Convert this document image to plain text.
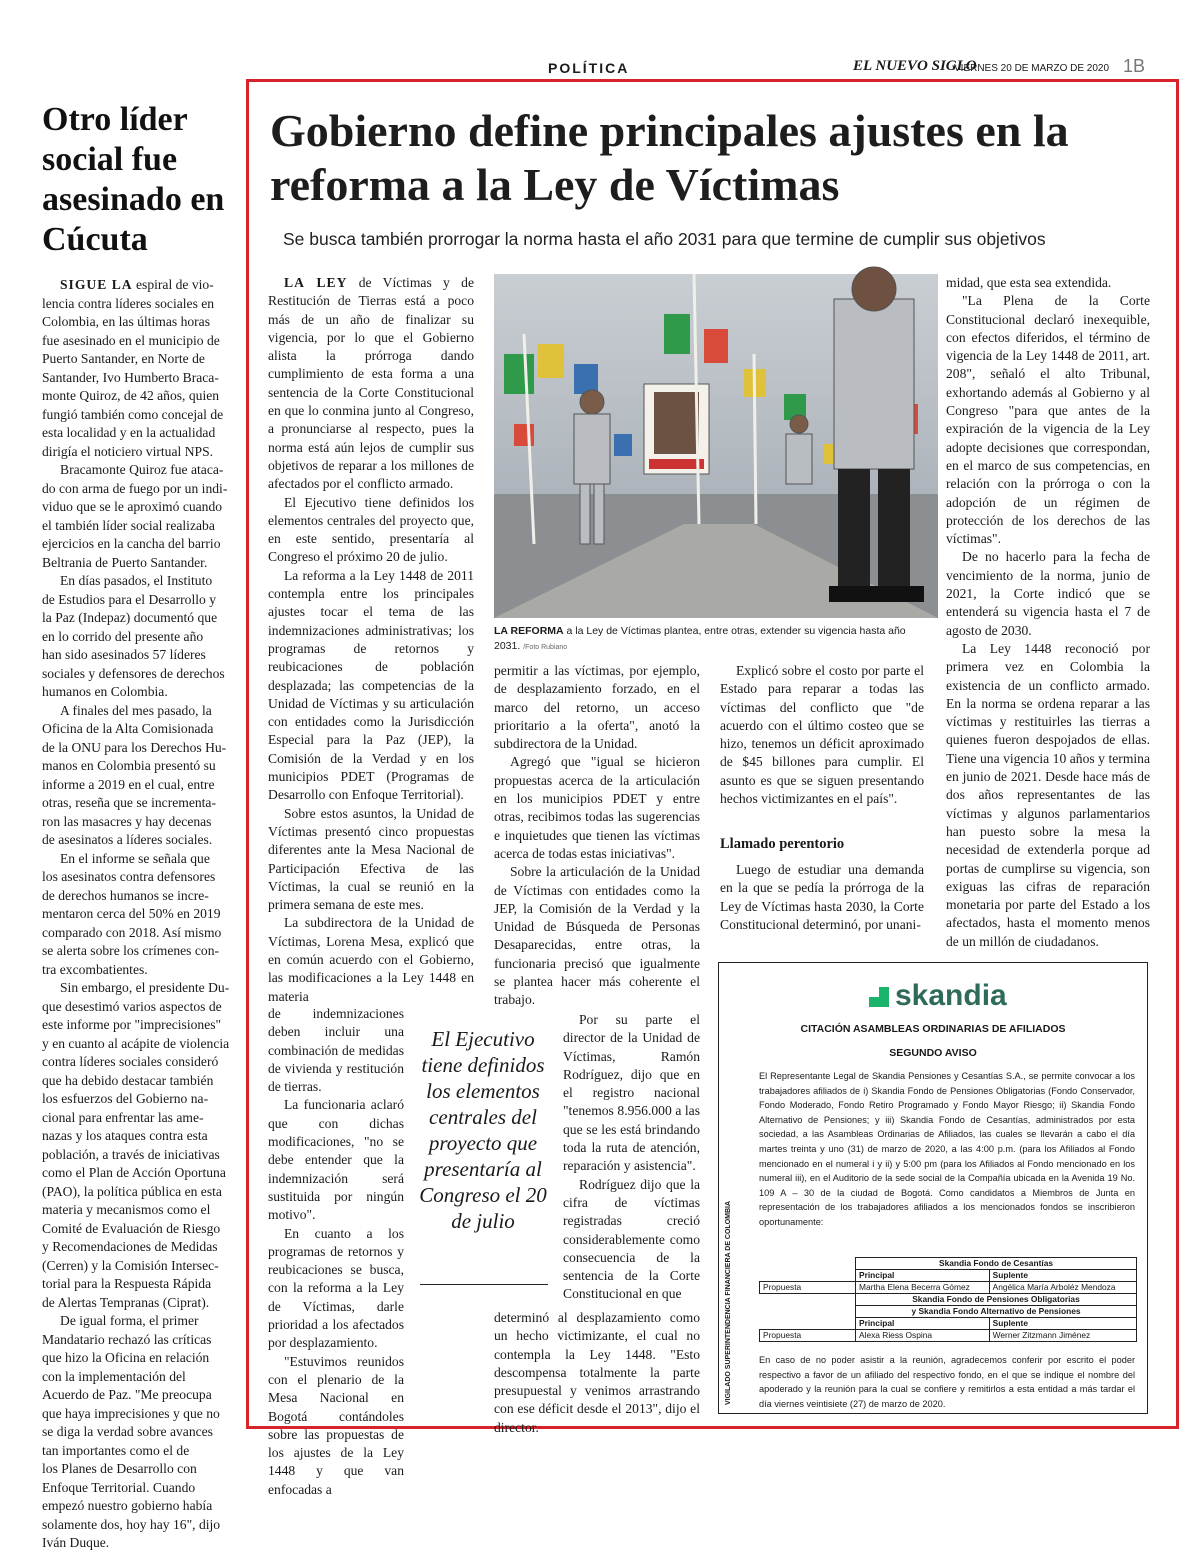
POLÍTICA	EL NUEVO SIGLO
VIERNES 20 DE MARZO DE 2020 1B
Otro líder social fue asesinado en Cúcuta
SIGUE LA espiral de vio-
lencia contra líderes sociales en
Colombia, en las últimas horas
fue asesinado en el municipio de
Puerto Santander, en Norte de
Santander, Ivo Humberto Braca-
monte Quiroz, de 42 años, quien
fungió también como concejal de
esta localidad y en la actualidad
dirigía el noticiero virtual NPS.
Bracamonte Quiroz fue ataca-
do con arma de fuego por un indi-
viduo que se le aproximó cuando
el también líder social realizaba
ejercicios en la cancha del barrio
Beltrania de Puerto Santander.
En días pasados, el Instituto
de Estudios para el Desarrollo y
la Paz (Indepaz) documentó que
en lo corrido del presente año
han sido asesinados 57 líderes
sociales y defensores de derechos
humanos en Colombia.
A finales del mes pasado, la
Oficina de la Alta Comisionada
de la ONU para los Derechos Hu-
manos en Colombia presentó su
informe a 2019 en el cual, entre
otras, reseña que se incrementa-
ron las masacres y hay decenas
de asesinatos a líderes sociales.
En el informe se señala que
los asesinatos contra defensores
de derechos humanos se incre-
mentaron cerca del 50% en 2019
comparado con 2018. Así mismo
se alerta sobre los crímenes con-
tra excombatientes.
Sin embargo, el presidente Du-
que desestimó varios aspectos de
este informe por "imprecisiones"
y en cuanto al acápite de violencia
contra líderes sociales consideró
que ha debido destacar también
los esfuerzos del Gobierno na-
cional para enfrentar las ame-
nazas y los ataques contra esta
población, a través de iniciativas
como el Plan de Acción Oportuna
(PAO), la política pública en esta
materia y mecanismos como el
Comité de Evaluación de Riesgo
y Recomendaciones de Medidas
(Cerren) y la Comisión Intersec-
torial para la Respuesta Rápida
de Alertas Tempranas (Ciprat).
De igual forma, el primer
Mandatario rechazó las críticas
que hizo la Oficina en relación
con la implementación del
Acuerdo de Paz. "Me preocupa
que haya imprecisiones y que no
se diga la verdad sobre avances
tan importantes como el de
los Planes de Desarrollo con
Enfoque Territorial. Cuando
empezó nuestro gobierno había
solamente dos, hoy hay 16", dijo
Iván Duque.
Gobierno define principales ajustes en la reforma a la Ley de Víctimas
Se busca también prorrogar la norma hasta el año 2031 para que termine de cumplir sus objetivos

LA LEY de Víctimas y de Restitución de Tierras está a poco más de un año de finalizar su vigencia, por lo que el Gobierno alista la prórroga dando cumplimiento de esta forma a una sentencia de la Corte Constitucional en que lo conmina junto al Congreso, a pronunciarse al respecto, pues la norma está aún lejos de cumplir sus objetivos de reparar a los millones de afectados por el conflicto armado.

El Ejecutivo tiene definidos los elementos centrales del proyecto que, en este sentido, presentaría al Congreso el próximo 20 de julio.

La reforma a la Ley 1448 de 2011 contempla entre los principales ajustes tocar el tema de las indemnizaciones administrativas; los programas de retornos y reubicaciones de población desplazada; las competencias de la Unidad de Víctimas y su articulación con entidades como la Jurisdicción Especial para la Paz (JEP), la Comisión de la Verdad y en los municipios PDET (Programas de Desarrollo con Enfoque Territorial).

Sobre estos asuntos, la Unidad de Víctimas presentó cinco propuestas diferentes ante la Mesa Nacional de Participación Efectiva de las Víctimas, la cual se reunió en la primera semana de este mes.

La subdirectora de la Unidad de Víctimas, Lorena Mesa, explicó que en común acuerdo con el Gobierno, las modificaciones a la Ley 1448 en materia

de indemnizaciones deben incluir una combinación de medidas de vivienda y restitución de tierras.

La funcionaria aclaró que con dichas modificaciones, "no se debe entender que la indemnización será sustituida por ningún motivo".

En cuanto a los programas de retornos y reubicaciones se busca, con la reforma a la Ley de Víctimas, darle prioridad a los afectados por desplazamiento.

"Estuvimos reunidos con el plenario de la Mesa Nacional en Bogotá contándoles sobre las propuestas de los ajustes de la Ley 1448 y que van enfocadas a

LA REFORMA a la Ley de Víctimas plantea, entre otras, extender su vigencia hasta año 2031. /Foto Rubiano

permitir a las víctimas, por ejemplo, de desplazamiento forzado, en el marco del retorno, un acceso prioritario a la oferta", anotó la subdirectora de la Unidad.

Agregó que "igual se hicieron propuestas acerca de la articulación en los municipios PDET y entre otras, recibimos todas las sugerencias e inquietudes que tienen las víctimas acerca de todas estas iniciativas".

Sobre la articulación de la Unidad de Víctimas con entidades como la JEP, la Comisión de la Verdad y la Unidad de Búsqueda de Personas Desaparecidas, entre otras, la funcionaria precisó que igualmente se plantea hacer más coherente el trabajo.

Por su parte el director de la Unidad de Víctimas, Ramón Rodríguez, dijo que en el registro nacional "tenemos 8.956.000 a las que se les está brindando toda la ruta de atención, reparación y asistencia".

Rodríguez dijo que la cifra de víctimas registradas creció considerablemente como consecuencia de la sentencia de la Corte Constitucional en que

determinó al desplazamiento como un hecho victimizante, el cual no contempla la Ley 1448. "Esto descompensa totalmente la parte presupuestal y venimos arrastrando con ese déficit desde el 2013", dijo el director.

El Ejecutivo tiene definidos los elementos centrales del proyecto que presentaría al Congreso el 20 de julio

Explicó sobre el costo por parte el Estado para reparar a todas las víctimas del conflicto que "de acuerdo con el último costeo que se hizo, tenemos un déficit aproximado de $45 billones para cumplir. El asunto es que se siguen presentando hechos victimizantes en el país".

Llamado perentorio

Luego de estudiar una demanda en la que se pedía la prórroga de la Ley de Víctimas hasta 2030, la Corte Constitucional determinó, por unani-

midad, que esta sea extendida.

"La Plena de la Corte Constitucional declaró inexequible, con efectos diferidos, el término de vigencia de la Ley 1448 de 2011, art. 208", señaló el alto Tribunal, exhortando además al Gobierno y al Congreso "para que antes de la expiración de la vigencia de la Ley adopte decisiones que correspondan, en el marco de sus competencias, en relación con la prórroga o con la adopción de un régimen de protección de los derechos de las víctimas".

De no hacerlo para la fecha de vencimiento de la norma, junio de 2021, la Corte indicó que se entenderá su vigencia hasta el 7 de agosto de 2030.

La Ley 1448 reconoció por primera vez en Colombia la existencia de un conflicto armado. En la norma se ordena reparar a las víctimas y restituirles las tierras a quienes fueron despojados de ellas. Tiene una vigencia 10 años y termina en junio de 2021. Desde hace más de dos años representantes de las víctimas y algunos parlamentarios han puesto sobre la mesa la necesidad de extenderla porque ad portas de cumplirse su vigencia, son exiguas las cifras de reparación monetaria por parte del Estado a los afectados, hasta el momento menos de un millón de ciudadanos.

skandia
CITACIÓN ASAMBLEAS ORDINARIAS DE AFILIADOS
SEGUNDO AVISO
El Representante Legal de Skandia Pensiones y Cesantías S.A., se permite convocar a los trabajadores afiliados de i) Skandia Fondo de Pensiones Obligatorias (Fondo Conservador, Fondo Moderado, Fondo Retiro Programado y Fondo Mayor Riesgo; ii) Skandia Fondo Alternativo de Pensiones; y iii) Skandia Fondo de Cesantías, administrados por esta sociedad, a las Asambleas Ordinarias de Afiliados, las cuales se llevarán a cabo el día martes treinta y uno (31) de marzo de 2020, a las 4:00 p.m. (para los Afiliados al Fondo mencionado en el numeral i y ii) y 5:00 pm (para los Afiliados al Fondo mencionado en los numeral iii), en el Auditorio de la sede social de la Compañía ubicada en la Avenida 19 No. 109 A – 30 de la ciudad de Bogotá. Como candidatos a Miembros de Junta en representación de los trabajadores afiliados a los mencionados fondos se inscribieron oportunamente:
VIGILADO SUPERINTENDENCIA FINANCIERA DE COLOMBIA
		Skandia Fondo de Cesantías	
	Principal	Suplente
Propuesta	Martha Elena Becerra Gómez	Angélica María Arboléz Mendoza
	Skandia Fondo de Pensiones Obligatorias	
	y Skandia Fondo Alternativo de Pensiones	
	Principal	Suplente
Propuesta	Alexa Riess Ospina	Werner Zitzmann Jiménez
En caso de no poder asistir a la reunión, agradecemos conferir por escrito el poder respectivo a favor de un afiliado del respectivo fondo, en el que se indique el nombre del apoderado y la reunión para la cual se confiere y remitirlos a esta entidad a más tardar el día viernes veintisiete (27) de marzo de 2020.
